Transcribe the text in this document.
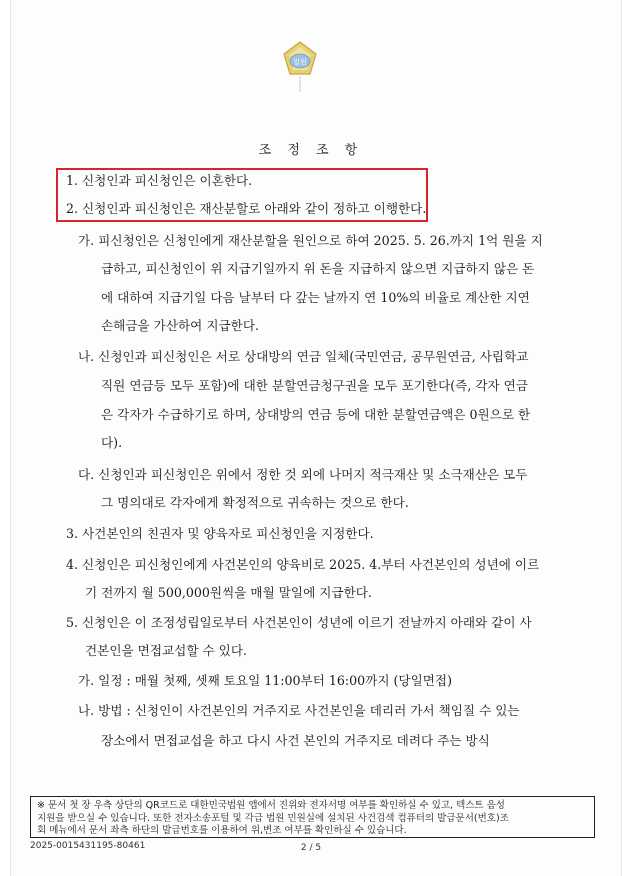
법원
조 정 조 항
1. 신청인과 피신청인은 이혼한다.
2. 신청인과 피신청인은 재산분할로 아래와 같이 정하고 이행한다.
가. 피신청인은 신청인에게 재산분할을 원인으로 하여 2025. 5. 26.까지 1억 원을 지
급하고, 피신청인이 위 지급기일까지 위 돈을 지급하지 않으면 지급하지 않은 돈
에 대하여 지급기일 다음 날부터 다 갚는 날까지 연 10%의 비율로 계산한 지연
손해금을 가산하여 지급한다.
나. 신청인과 피신청인은 서로 상대방의 연금 일체(국민연금, 공무원연금, 사립학교
직원 연금등 모두 포함)에 대한 분할연금청구권을 모두 포기한다(즉, 각자 연금
은 각자가 수급하기로 하며, 상대방의 연금 등에 대한 분할연금액은 0원으로 한
다).
다. 신청인과 피신청인은 위에서 정한 것 외에 나머지 적극재산 및 소극재산은 모두
그 명의대로 각자에게 확정적으로 귀속하는 것으로 한다.
3. 사건본인의 친권자 및 양육자로 피신청인을 지정한다.
4. 신청인은 피신청인에게 사건본인의 양육비로 2025. 4.부터 사건본인의 성년에 이르
기 전까지 월 500,000원씩을 매월 말일에 지급한다.
5. 신청인은 이 조정성립일로부터 사건본인이 성년에 이르기 전날까지 아래와 같이 사
건본인을 면접교섭할 수 있다.
가. 일정 : 매월 첫째, 셋째 토요일 11:00부터 16:00까지 (당일면접)
나. 방법 : 신청인이 사건본인의 거주지로 사건본인을 데리러 가서 책임질 수 있는
장소에서 면접교섭을 하고 다시 사건 본인의 거주지로 데려다 주는 방식
※ 문서 첫 장 우측 상단의 QR코드로 대한민국법원 앱에서 진위와 전자서명 여부를 확인하실 수 있고, 텍스트 음성
지원을 받으실 수 있습니다. 또한 전자소송포털 및 각급 법원 민원실에 설치된 사건검색 컴퓨터의 발급문서(번호)조
회 메뉴에서 문서 좌측 하단의 발급번호를 이용하여 위,변조 여부를 확인하실 수 있습니다.
2025-0015431195-80461	2 / 5
